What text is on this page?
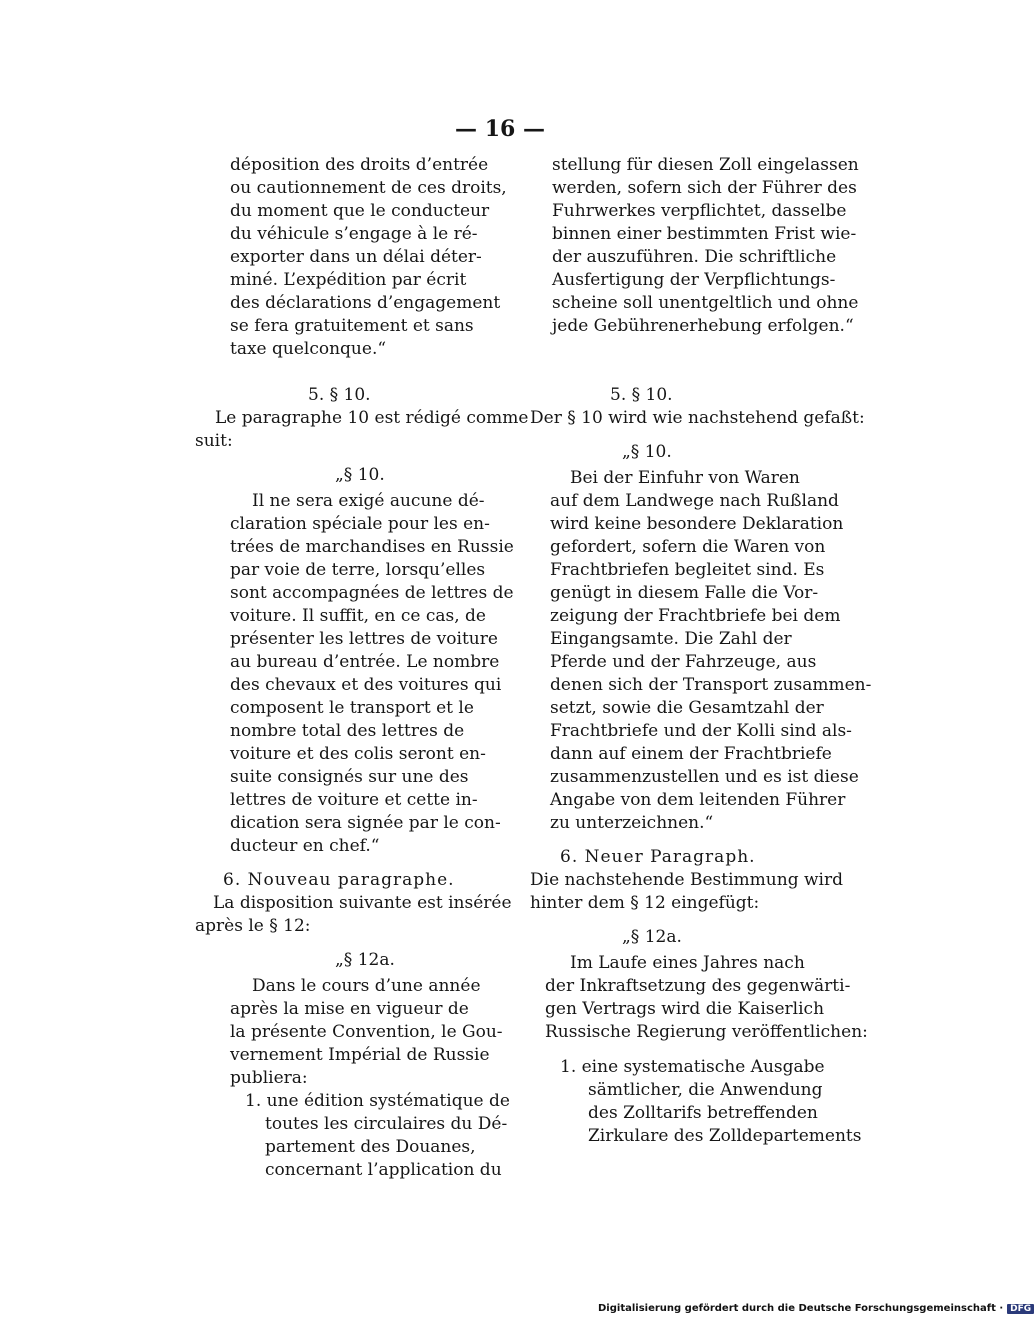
— 16 —
déposition des droits d’entrée
ou cautionnement de ces droits,
du moment que le conducteur
du véhicule s’engage à le ré-
exporter dans un délai déter-
miné. L’expédition par écrit
des déclarations d’engagement
se fera gratuitement et sans
taxe quelconque.“
5. § 10.
Le paragraphe 10 est rédigé comme
suit:
„§ 10.
Il ne sera exigé aucune dé-
claration spéciale pour les en-
trées de marchandises en Russie
par voie de terre, lorsqu’elles
sont accompagnées de lettres de
voiture. Il suffit, en ce cas, de
présenter les lettres de voiture
au bureau d’entrée. Le nombre
des chevaux et des voitures qui
composent le transport et le
nombre total des lettres de
voiture et des colis seront en-
suite consignés sur une des
lettres de voiture et cette in-
dication sera signée par le con-
ducteur en chef.“
6. Nouveau paragraphe.
La disposition suivante est insérée
après le § 12:
„§ 12a.
Dans le cours d’une année
après la mise en vigueur de
la présente Convention, le Gou-
vernement Impérial de Russie
publiera:
1. une édition systématique de
toutes les circulaires du Dé-
partement des Douanes,
concernant l’application du
stellung für diesen Zoll eingelassen
werden, sofern sich der Führer des
Fuhrwerkes verpflichtet, dasselbe
binnen einer bestimmten Frist wie-
der auszuführen. Die schriftliche
Ausfertigung der Verpflichtungs-
scheine soll unentgeltlich und ohne
jede Gebührenerhebung erfolgen.“
5. § 10.
Der § 10 wird wie nachstehend gefaßt:
„§ 10.
Bei der Einfuhr von Waren
auf dem Landwege nach Rußland
wird keine besondere Deklaration
gefordert, sofern die Waren von
Frachtbriefen begleitet sind. Es
genügt in diesem Falle die Vor-
zeigung der Frachtbriefe bei dem
Eingangsamte. Die Zahl der
Pferde und der Fahrzeuge, aus
denen sich der Transport zusammen-
setzt, sowie die Gesamtzahl der
Frachtbriefe und der Kolli sind als-
dann auf einem der Frachtbriefe
zusammenzustellen und es ist diese
Angabe von dem leitenden Führer
zu unterzeichnen.“
6. Neuer Paragraph.
Die nachstehende Bestimmung wird
hinter dem § 12 eingefügt:
„§ 12a.
Im Laufe eines Jahres nach
der Inkraftsetzung des gegenwärti-
gen Vertrags wird die Kaiserlich
Russische Regierung veröffentlichen:
1. eine systematische Ausgabe
sämtlicher, die Anwendung
des Zolltarifs betreffenden
Zirkulare des Zolldepartements
Digitalisierung gefördert durch die Deutsche Forschungsgemeinschaft · DFG
